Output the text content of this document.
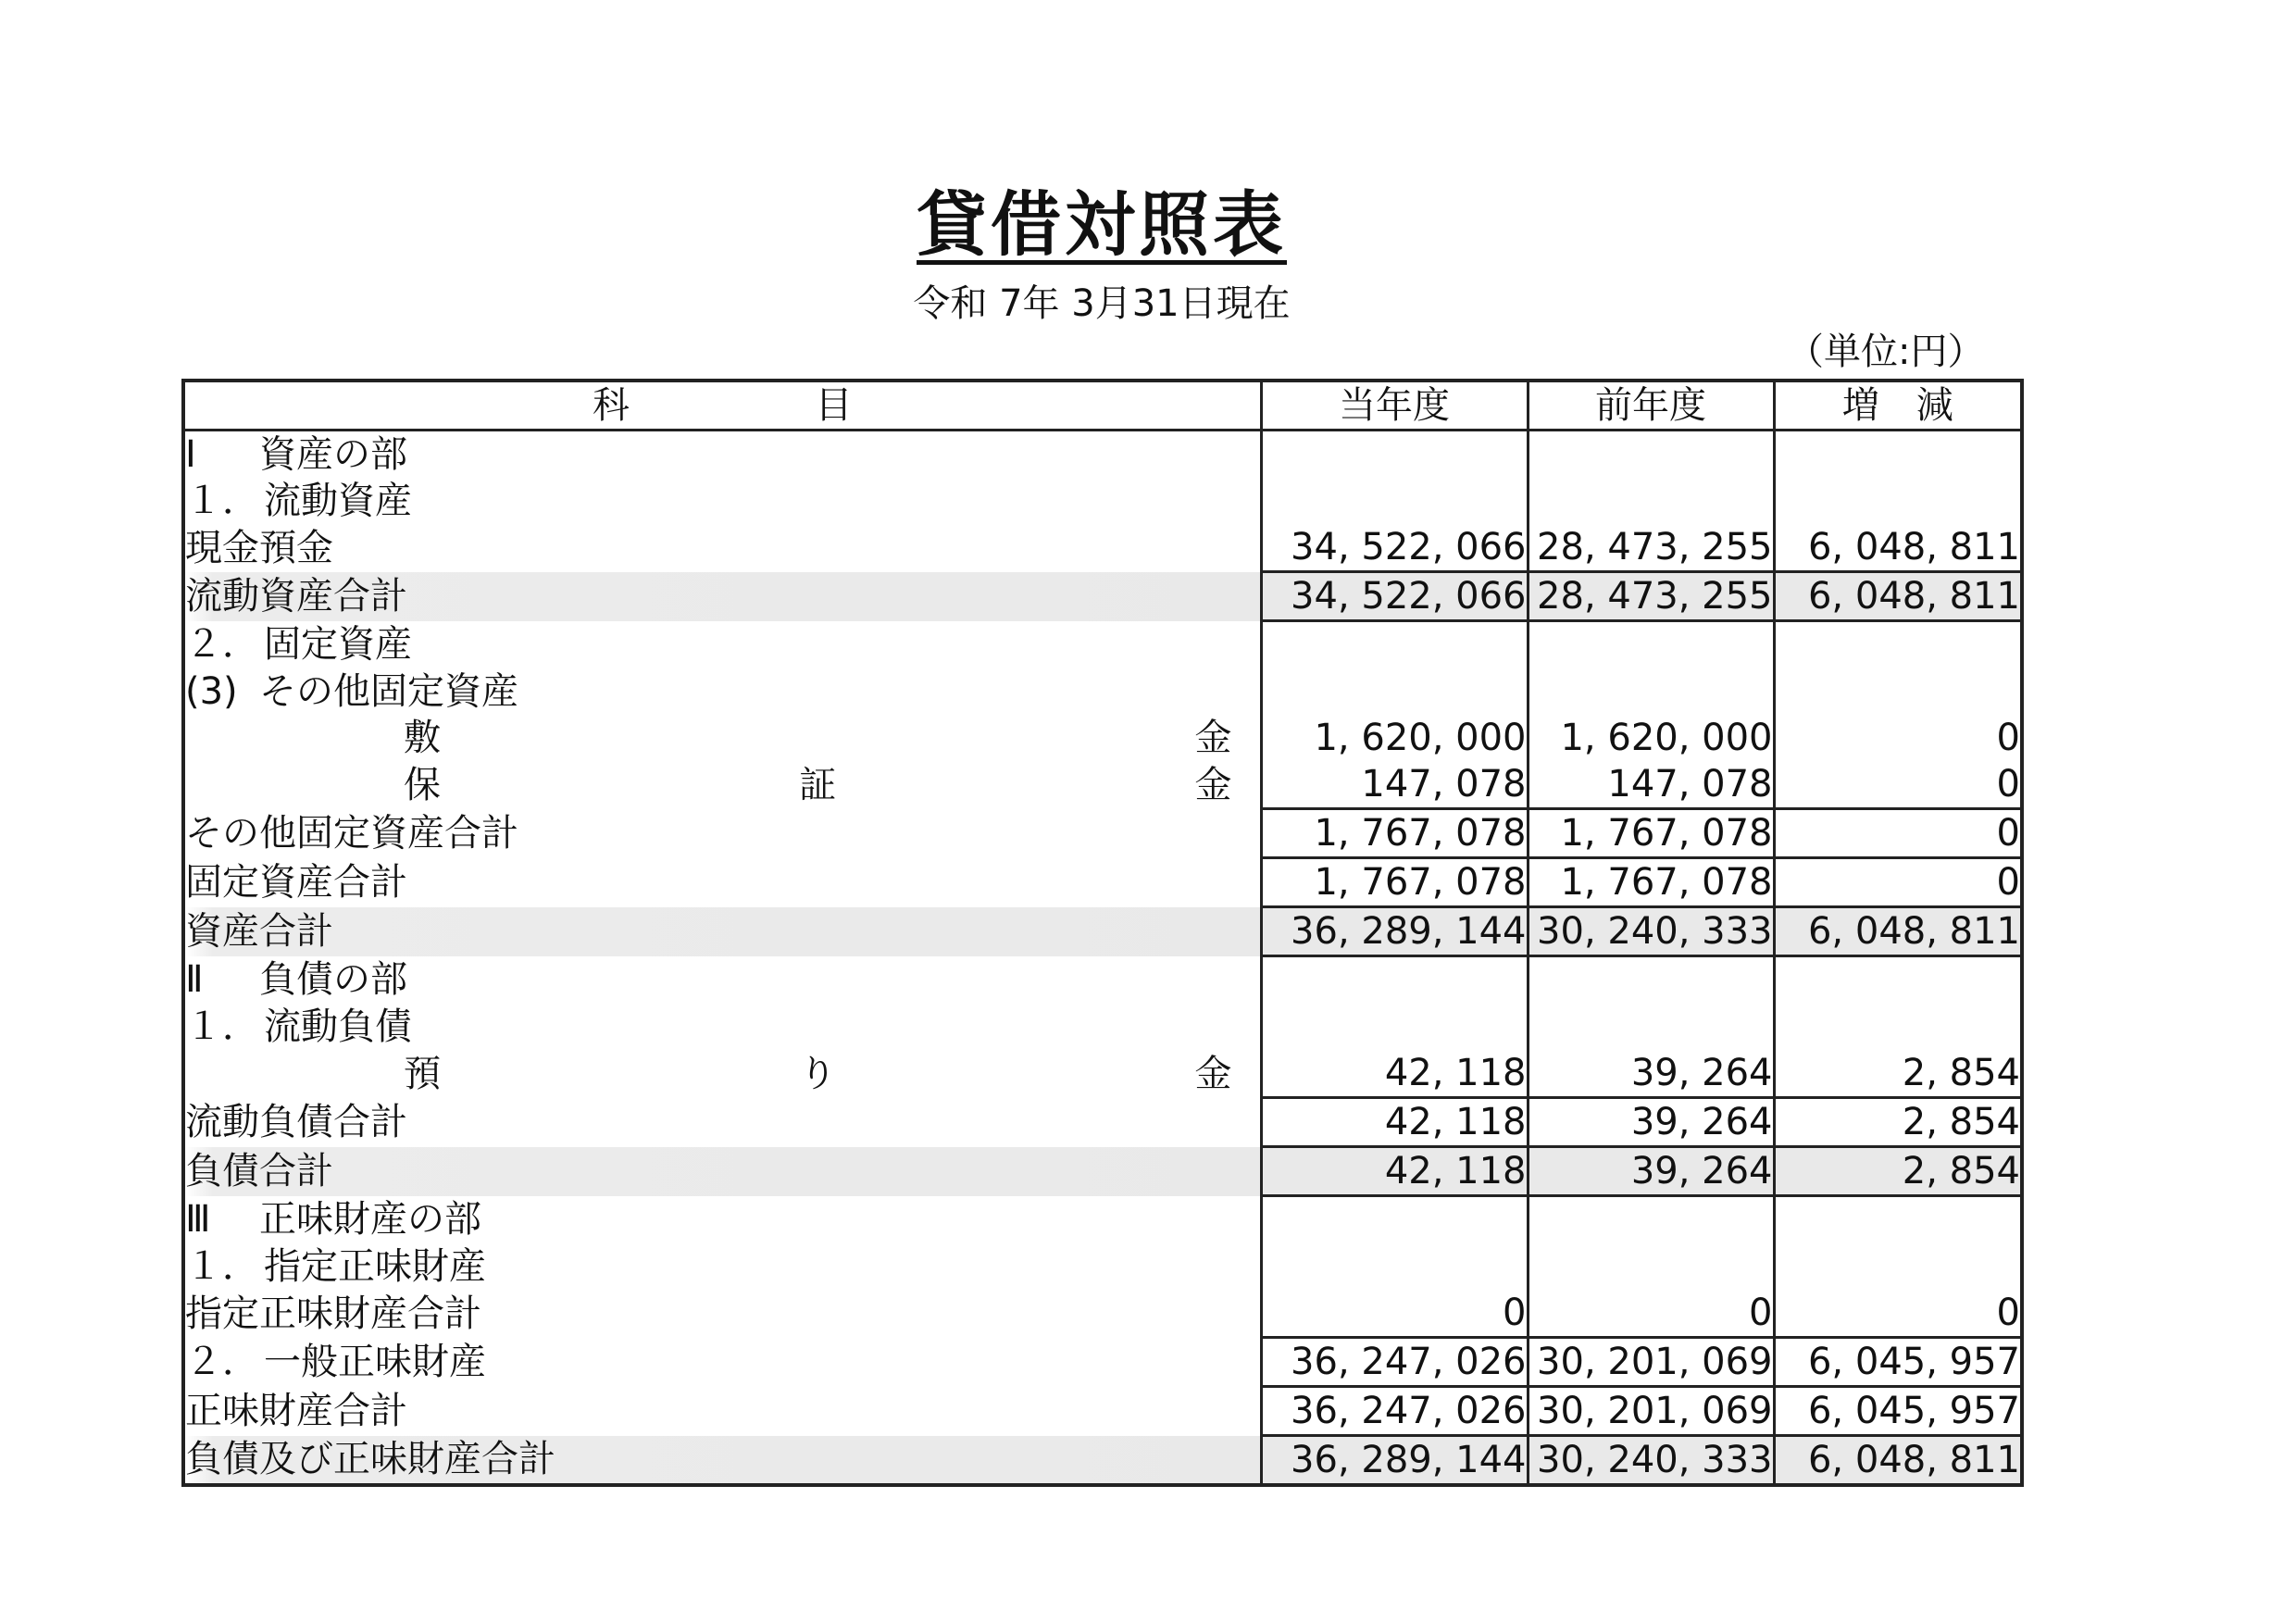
貸借対照表
令和 7年 3月31日現在
（単位:円）
科 目	当年度	前年度	増　減
Ⅰ 資産の部			
１． 流動資産			
現金預金	34, 522, 066	28, 473, 255	6, 048, 811
流動資産合計	34, 522, 066	28, 473, 255	6, 048, 811
２． 固定資産			
(3) その他固定資産			

敷 金	1, 620, 000	1, 620, 000	0

保 証 金	147, 078	147, 078	0
その他固定資産合計	1, 767, 078	1, 767, 078	0
固定資産合計	1, 767, 078	1, 767, 078	0
資産合計	36, 289, 144	30, 240, 333	6, 048, 811
Ⅱ 負債の部			
１． 流動負債			

預 り 金	42, 118	39, 264	2, 854
流動負債合計	42, 118	39, 264	2, 854
負債合計	42, 118	39, 264	2, 854
Ⅲ 正味財産の部			
１． 指定正味財産			
指定正味財産合計	0	0	0
２． 一般正味財産	36, 247, 026	30, 201, 069	6, 045, 957
正味財産合計	36, 247, 026	30, 201, 069	6, 045, 957
負債及び正味財産合計	36, 289, 144	30, 240, 333	6, 048, 811
